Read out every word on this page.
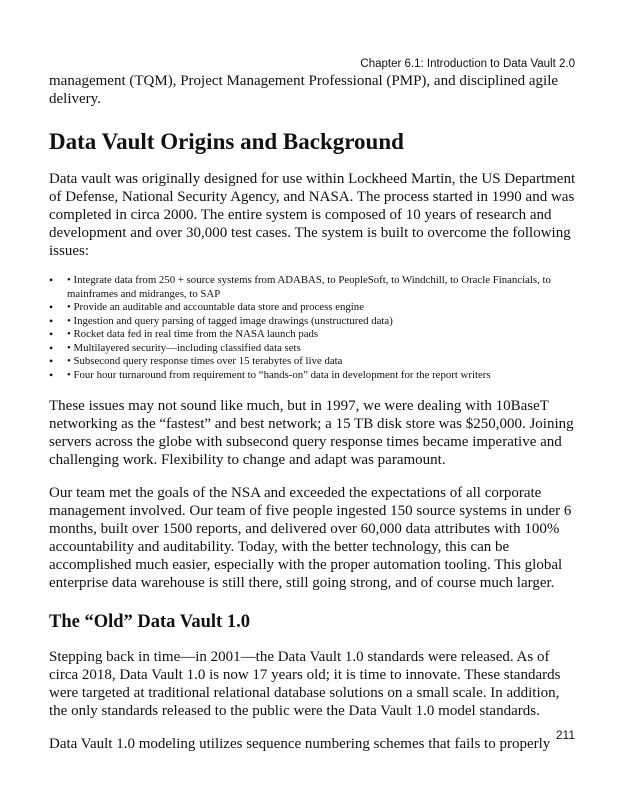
Chapter 6.1: Introduction to Data Vault 2.0

management (TQM), Project Management Professional (PMP), and disciplined agile delivery.

Data Vault Origins and Background

Data vault was originally designed for use within Lockheed Martin, the US Department of Defense, National Security Agency, and NASA. The process started in 1990 and was completed in circa 2000. The entire system is composed of 10 years of research and development and over 30,000 test cases. The system is built to overcome the following issues:

• • Integrate data from 250 + source systems from ADABAS, to PeopleSoft, to Windchill, to Oracle Financials, to mainframes and midranges, to SAP
• • Provide an auditable and accountable data store and process engine
• • Ingestion and query parsing of tagged image drawings (unstructured data)
• • Rocket data fed in real time from the NASA launch pads
• • Multilayered security—including classified data sets
• • Subsecond query response times over 15 terabytes of live data
• • Four hour turnaround from requirement to “hands-on” data in development for the report writers

These issues may not sound like much, but in 1997, we were dealing with 10BaseT networking as the “fastest” and best network; a 15 TB disk store was $250,000. Joining servers across the globe with subsecond query response times became imperative and challenging work. Flexibility to change and adapt was paramount.

Our team met the goals of the NSA and exceeded the expectations of all corporate management involved. Our team of five people ingested 150 source systems in under 6 months, built over 1500 reports, and delivered over 60,000 data attributes with 100% accountability and auditability. Today, with the better technology, this can be accomplished much easier, especially with the proper automation tooling. This global enterprise data warehouse is still there, still going strong, and of course much larger.

The “Old” Data Vault 1.0

Stepping back in time—in 2001—the Data Vault 1.0 standards were released. As of circa 2018, Data Vault 1.0 is now 17 years old; it is time to innovate. These standards were targeted at traditional relational database solutions on a small scale. In addition, the only standards released to the public were the Data Vault 1.0 model standards.

Data Vault 1.0 modeling utilizes sequence numbering schemes that fails to properly

211
